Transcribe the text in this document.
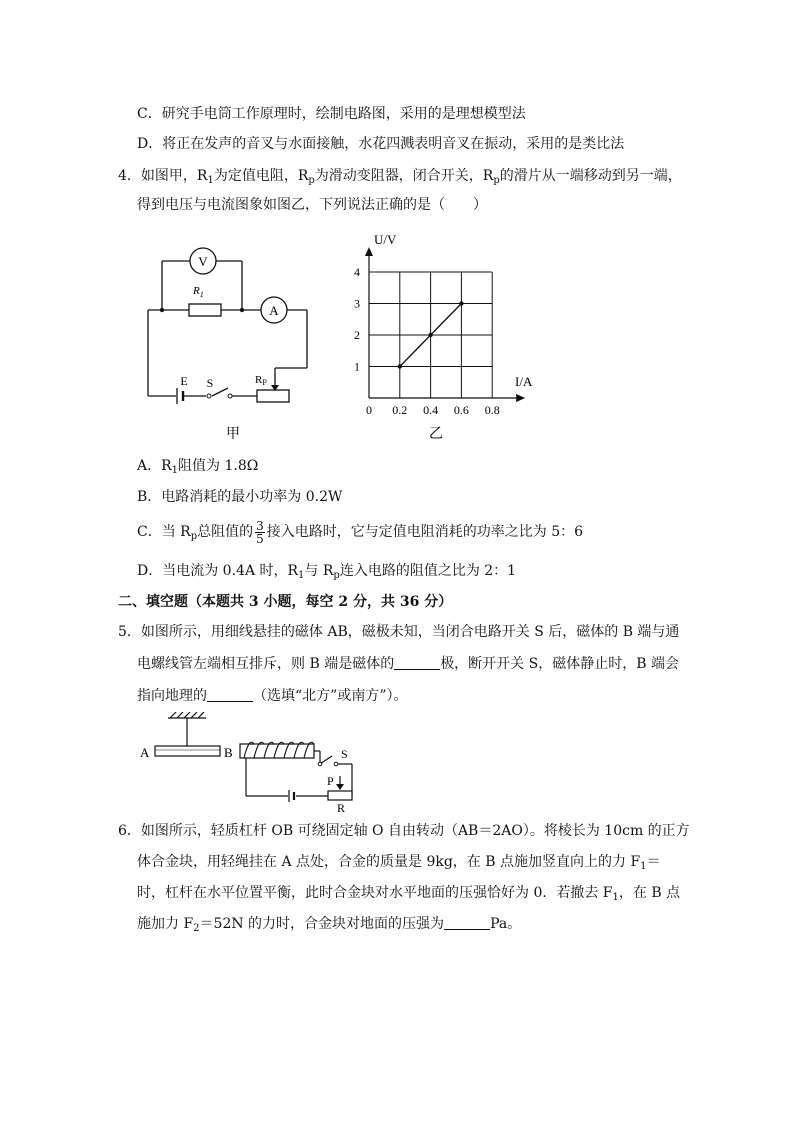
C．研究手电筒工作原理时，绘制电路图，采用的是理想模型法
D．将正在发声的音叉与水面接触，水花四溅表明音叉在振动，采用的是类比法
4．如图甲，$R_1$为定值电阻，$R_p$为滑动变阻器，闭合开关，$R_p$的滑片从一端移动到另一端，
得到电压与电流图象如图乙，下列说法正确的是（　　）
V
A
$R_1$
E S	RP
甲
1
2
3
4
0 0.2 0.4 0.6 0.8
U/V
I/A
乙
A．$R_1$阻值为 1.8Ω
B．电路消耗的最小功率为 0.2W
C．当 $R_p$总阻值的 $\frac{3}{5}$ 接入电路时，它与定值电阻消耗的功率之比为 5：6
D．当电流为 0.4A 时，$R_1$与 $R_p$连入电路的阻值之比为 2：1
二、填空题（本题共 3 小题，每空 2 分，共 36 分）
5．如图所示，用细线悬挂的磁体 AB，磁极未知，当闭合电路开关 S 后，磁体的 B 端与通
电螺线管左端相互排斥，则 B 端是磁体的	极，断开开关 S，磁体静止时，B 端会
指向地理的	（选填“北方”或南方”）。
A	B	S
P
R
6．如图所示，轻质杠杆 OB 可绕固定轴 O 自由转动（AB＝2AO）。将棱长为 10cm 的正方
体合金块，用轻绳挂在 A 点处，合金的质量是 9kg，在 B 点施加竖直向上的力 $F_1=$
时，杠杆在水平位置平衡，此时合金块对水平地面的压强恰好为 0．若撤去 $F_1$，在 B 点
施加力 $F_2=52N$ 的力时，合金块对地面的压强为	Pa。
